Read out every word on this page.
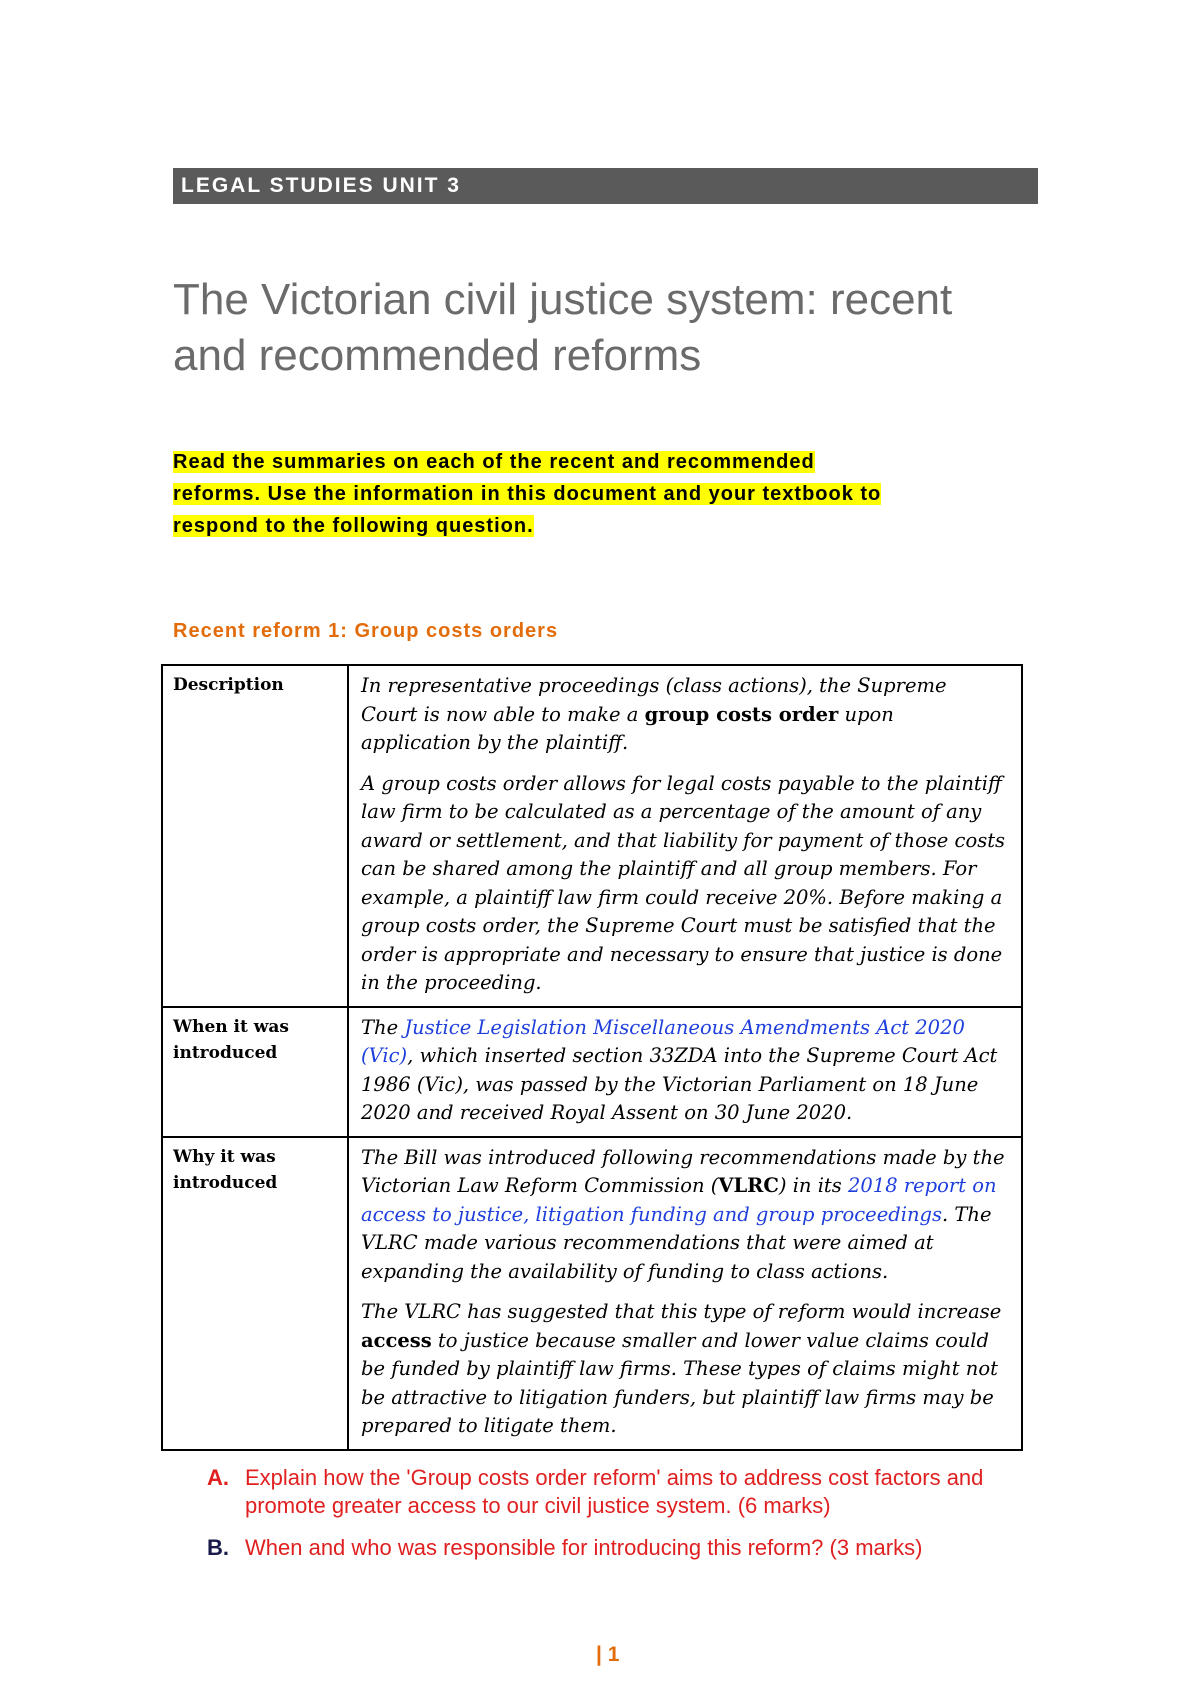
LEGAL STUDIES UNIT 3
The Victorian civil justice system: recent
and recommended reforms

Read the summaries on each of the recent and recommended
reforms. Use the information in this document and your textbook to
respond to the following question.

Recent reform 1: Group costs orders
Description	In representative proceedings (class actions), the Supreme Court is now able to make a group costs order upon application by the plaintiff.

A group costs order allows for legal costs payable to the plaintiff law firm to be calculated as a percentage of the amount of any award or settlement, and that liability for payment of those costs can be shared among the plaintiff and all group members. For example, a plaintiff law firm could receive 20%. Before making a group costs order, the Supreme Court must be satisfied that the order is appropriate and necessary to ensure that justice is done in the proceeding.

When it was introduced	The Justice Legislation Miscellaneous Amendments Act 2020 (Vic), which inserted section 33ZDA into the Supreme Court Act 1986 (Vic), was passed by the Victorian Parliament on 18 June 2020 and received Royal Assent on 30 June 2020.

Why it was introduced	The Bill was introduced following recommendations made by the Victorian Law Reform Commission (VLRC) in its 2018 report on access to justice, litigation funding and group proceedings. The VLRC made various recommendations that were aimed at expanding the availability of funding to class actions.

The VLRC has suggested that this type of reform would increase access to justice because smaller and lower value claims could be funded by plaintiff law firms. These types of claims might not be attractive to litigation funders, but plaintiff law firms may be prepared to litigate them.

A. Explain how the 'Group costs order reform' aims to address cost factors and promote greater access to our civil justice system. (6 marks)
B. When and who was responsible for introducing this reform? (3 marks)
| 1
